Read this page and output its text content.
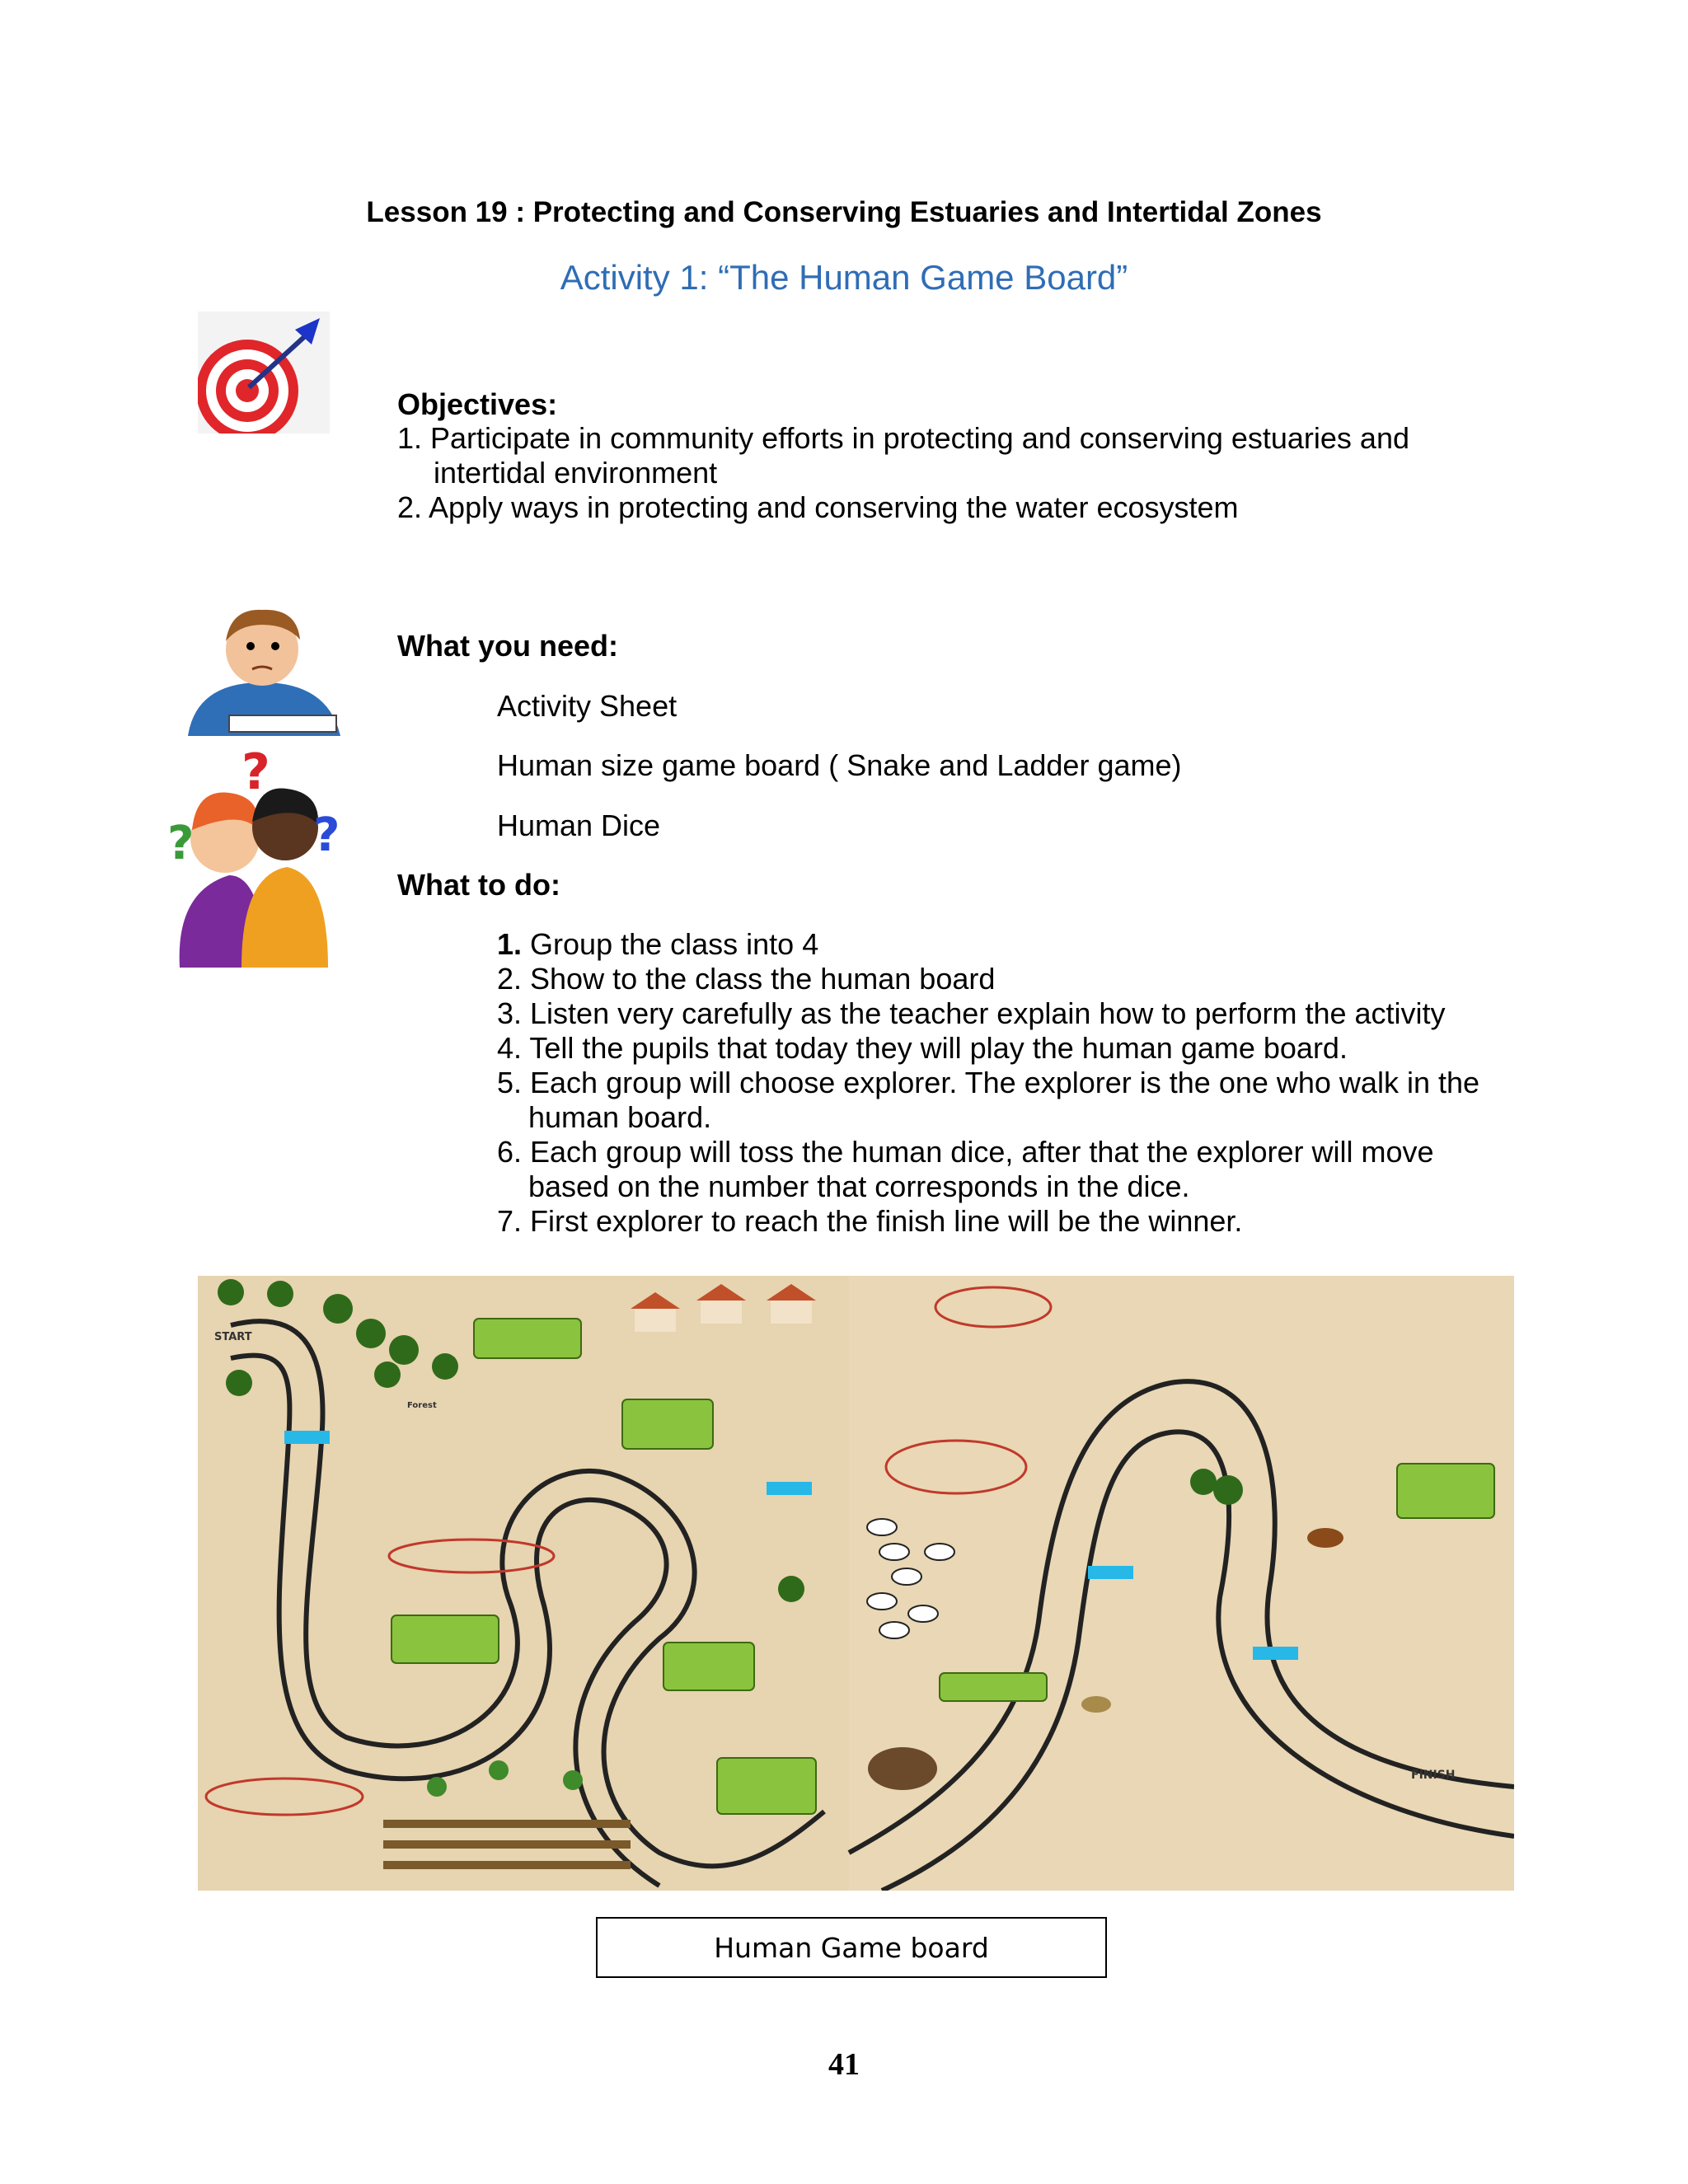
Lesson 19 : Protecting and Conserving Estuaries and Intertidal Zones
Activity 1: “The Human Game Board”
Objectives:
1. Participate in community efforts in protecting and conserving estuaries and intertidal environment
2. Apply ways in protecting and conserving the water ecosystem
What you need:
Activity Sheet
Human size game board ( Snake and Ladder game)
Human Dice
?
?	?
What to do:
1. Group the class into 4
2. Show to the class the human board
3. Listen very carefully as the teacher explain how to perform the activity
4. Tell the pupils that today they will play the human game board.
5. Each group will choose explorer. The explorer is the one who walk in the human board.
6. Each group will toss the human dice, after that the explorer will move based on the number that corresponds in the dice.
7. First explorer to reach the finish line will be the winner.
START
FINISH
Forest
Human Game board
41
